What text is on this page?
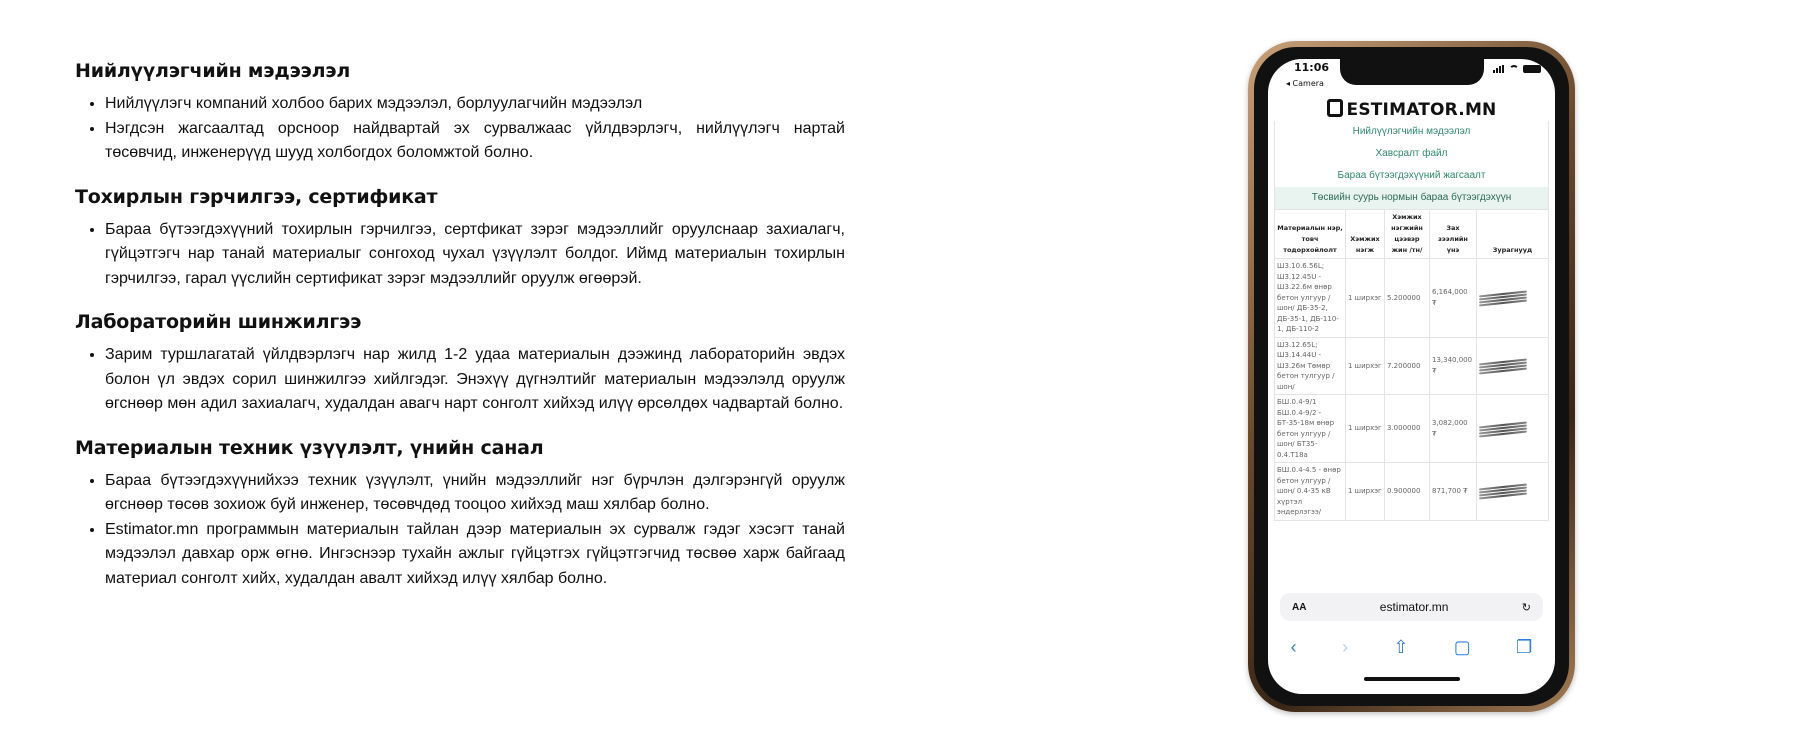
Нийлүүлэгчийн мэдээлэл
• Нийлүүлэгч компаний холбоо барих мэдээлэл, борлуулагчийн мэдээлэл
• Нэгдсэн жагсаалтад орсноор найдвартай эх сурвалжаас үйлдвэрлэгч, нийлүүлэгч нартай төсөвчид, инженерүүд шууд холбогдох боломжтой болно.
Тохирлын гэрчилгээ, сертификат
• Бараа бүтээгдэхүүний тохирлын гэрчилгээ, сертфикат зэрэг мэдээллийг оруулснаар захиалагч, гүйцэтгэгч нар танай материалыг сонгоход чухал үзүүлэлт болдог. Иймд материалын тохирлын гэрчилгээ, гарал үүслийн сертификат зэрэг мэдээллийг оруулж өгөөрэй.
Лабораторийн шинжилгээ
• Зарим туршлагатай үйлдвэрлэгч нар жилд 1-2 удаа материалын дээжинд лабораторийн эвдэх болон үл эвдэх сорил шинжилгээ хийлгэдэг. Энэхүү дүгнэлтийг материалын мэдээлэлд оруулж өгснөөр мөн адил захиалагч, худалдан авагч нарт сонголт хийхэд илүү өрсөлдөх чадвартай болно.
Материалын техник үзүүлэлт, үнийн санал
• Бараа бүтээгдэхүүнийхээ техник үзүүлэлт, үнийн мэдээллийг нэг бүрчлэн дэлгэрэнгүй оруулж өгснөөр төсөв зохиож буй инженер, төсөвчдөд тооцоо хийхэд маш хялбар болно.
• Estimator.mn программын материалын тайлан дээр материалын эх сурвалж гэдэг хэсэгт танай мэдээлэл давхар орж өгнө. Ингэснээр тухайн ажлыг гүйцэтгэх гүйцэтгэгчид төсвөө харж байгаад материал сонголт хийх, худалдан авалт хийхэд илүү хялбар болно.
11:06
◂ Camera
ESTIMATOR.MN
Нийлүүлэгчийн мэдээлэл
Хавсралт файл
Бараа бүтээгдэхүүний жагсаалт
Төсвийн суурь нормын бараа бүтээгдэхүүн
Материалын нэр, товч тодорхойлолт	Хэмжих нэгж	Хэмжих нэгжийн цээвэр жин /тн/	Зах зээлийн үнэ	Зурагнууд
Ш3.10.6.56L; Ш3.12.45U - Ш3.22.6м өнөр бетон улгуур /шон/ ДБ-35-2, ДБ-35-1, ДБ-110-1, ДБ-110-2	1 ширхэг	5.200000	6,164,000 ₮	

Ш3.12.65L; Ш3.14.44U - Ш3.26м Төмөр бетон тулгуур / шон/	1 ширхэг	7.200000	13,340,000 ₮	

БШ.0.4-9/1 БШ.0.4-9/2 - БТ-35-18м өнөр бетон улгуур /шон/ БТ35-0.4.Т18а	1 ширхэг	3.000000	3,082,000 ₮	

БШ.0.4-4.5 - өнөр бетон улгуур /шон/ 0.4-35 кВ хүртэл эндерлэгээ/	1 ширхэг	0.900000	871,700 ₮	
AA	estimator.mn	↻
‹	›	⇧	▢	❐
